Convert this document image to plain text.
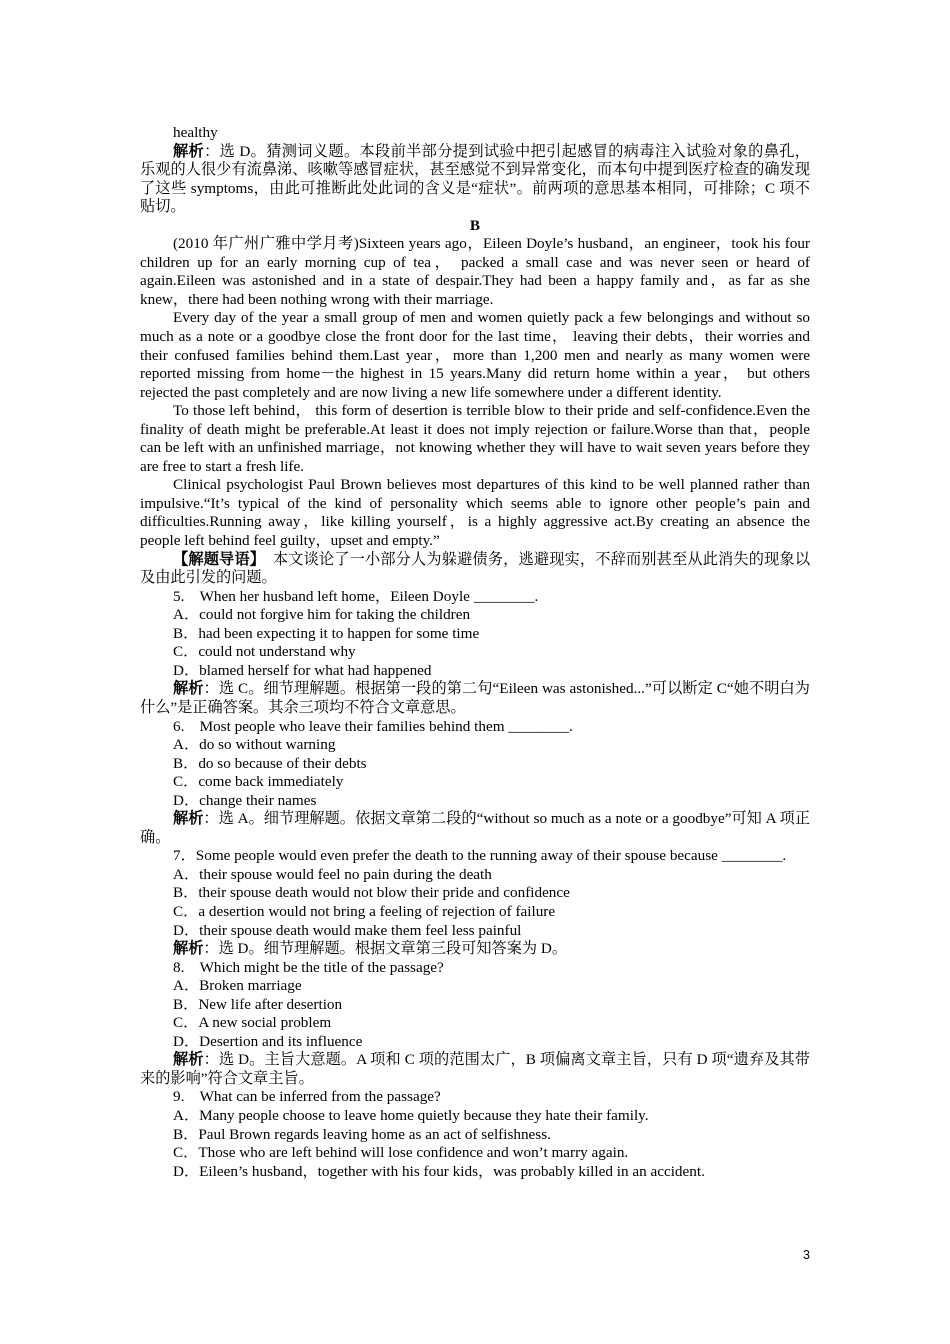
healthy

解析：选 D。猜测词义题。本段前半部分提到试验中把引起感冒的病毒注入试验对象的鼻孔，乐观的人很少有流鼻涕、咳嗽等感冒症状，甚至感觉不到异常变化，而本句中提到医疗检查的确发现了这些 symptoms，由此可推断此处此词的含义是“症状”。前两项的意思基本相同，可排除；C 项不贴切。

B

(2010 年广州广雅中学月考)Sixteen years ago，Eileen Doyle’s husband，an engineer，took his four children up for an early morning cup of tea， packed a small case and was never seen or heard of again.Eileen was astonished and in a state of despair.They had been a happy family and，as far as she knew，there had been nothing wrong with their marriage.

Every day of the year a small group of men and women quietly pack a few belongings and without so much as a note or a goodbye close the front door for the last time， leaving their debts，their worries and their confused families behind them.Last year，more than 1,200 men and nearly as many women were reported missing from home－the highest in 15 years.Many did return home within a year， but others rejected the past completely and are now living a new life somewhere under a different identity.

To those left behind， this form of desertion is terrible blow to their pride and self-confidence.Even the finality of death might be preferable.At least it does not imply rejection or failure.Worse than that，people can be left with an unfinished marriage，not knowing whether they will have to wait seven years before they are free to start a fresh life.

Clinical psychologist Paul Brown believes most departures of this kind to be well planned rather than impulsive.“It’s typical of the kind of personality which seems able to ignore other people’s pain and difficulties.Running away，like killing yourself，is a highly aggressive act.By creating an absence the people left behind feel guilty，upset and empty.”

【解题导语】　本文谈论了一小部分人为躲避债务，逃避现实，不辞而别甚至从此消失的现象以及由此引发的问题。

5.　When her husband left home，Eileen Doyle ________.

A．could not forgive him for taking the children

B．had been expecting it to happen for some time

C．could not understand why

D．blamed herself for what had happened

解析：选 C。细节理解题。根据第一段的第二句“Eileen was astonished...”可以断定 C“她不明白为什么”是正确答案。其余三项均不符合文章意思。

6.　Most people who leave their families behind them ________.

A．do so without warning

B．do so because of their debts

C．come back immediately

D．change their names

解析：选 A。细节理解题。依据文章第二段的“without so much as a note or a goodbye”可知 A 项正确。

7．Some people would even prefer the death to the running away of their spouse because ________.

A．their spouse would feel no pain during the death

B．their spouse death would not blow their pride and confidence

C．a desertion would not bring a feeling of rejection of failure

D．their spouse death would make them feel less painful

解析：选 D。细节理解题。根据文章第三段可知答案为 D。

8.　Which might be the title of the passage?

A．Broken marriage

B．New life after desertion

C．A new social problem

D．Desertion and its influence

解析：选 D。主旨大意题。A 项和 C 项的范围太广，B 项偏离文章主旨，只有 D 项“遗弃及其带来的影响”符合文章主旨。

9.　What can be inferred from the passage?

A．Many people choose to leave home quietly because they hate their family.

B．Paul Brown regards leaving home as an act of selfishness.

C．Those who are left behind will lose confidence and won’t marry again.

D．Eileen’s husband，together with his four kids，was probably killed in an accident.

3
